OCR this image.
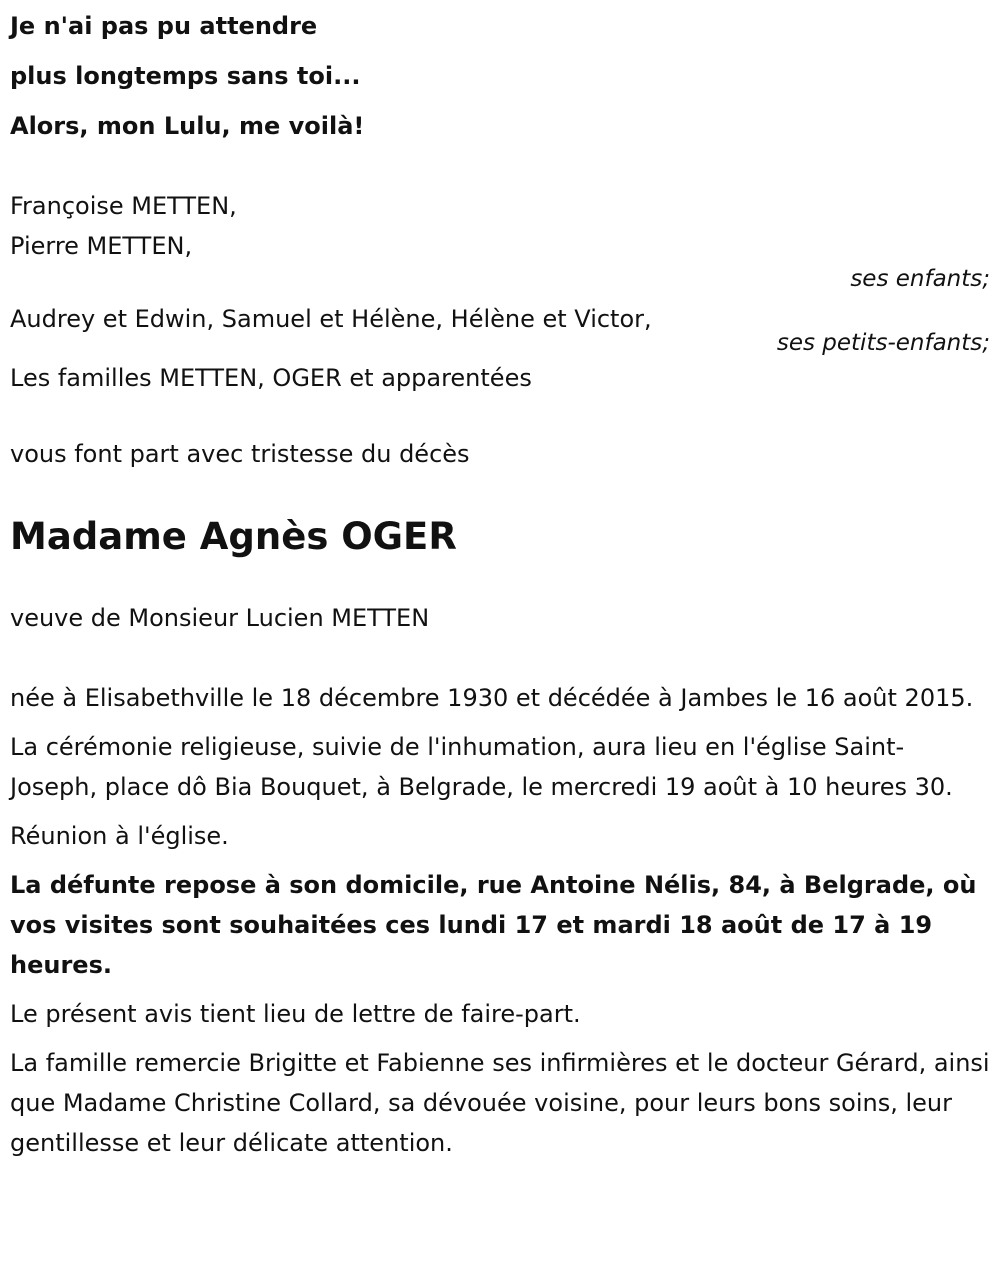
Je n'ai pas pu attendre

plus longtemps sans toi...

Alors, mon Lulu, me voilà!

Françoise METTEN,

Pierre METTEN,

ses enfants;

Audrey et Edwin, Samuel et Hélène, Hélène et Victor,

ses petits-enfants;

Les familles METTEN, OGER et apparentées

vous font part avec tristesse du décès

Madame Agnès OGER

veuve de Monsieur Lucien METTEN

née à Elisabethville le 18 décembre 1930 et décédée à Jambes le 16 août 2015.

La cérémonie religieuse, suivie de l'inhumation, aura lieu en l'église Saint-Joseph, place dô Bia Bouquet, à Belgrade, le mercredi 19 août à 10 heures 30.

Réunion à l'église.

La défunte repose à son domicile, rue Antoine Nélis, 84, à Belgrade, où vos visites sont souhaitées ces lundi 17 et mardi 18 août de 17 à 19 heures.

Le présent avis tient lieu de lettre de faire-part.

La famille remercie Brigitte et Fabienne ses infirmières et le docteur Gérard, ainsi que Madame Christine Collard, sa dévouée voisine, pour leurs bons soins, leur gentillesse et leur délicate attention.
